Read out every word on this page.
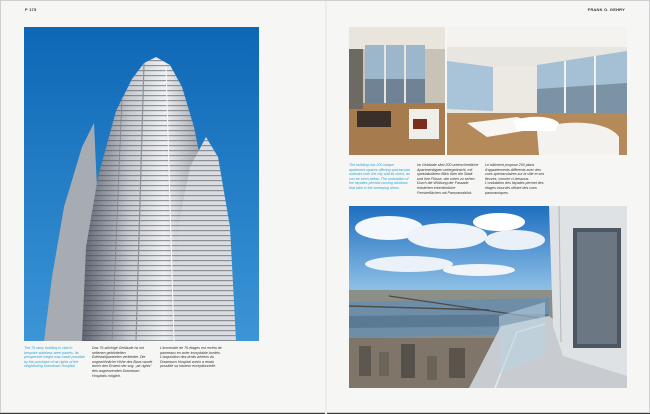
P 175	FRANK O. GEHRY
The 76 story building is clad in bespoke stainless steel panels. Its perspective height was made possible by the purchase of air rights of the neighboring Downtown Hospital.
Das 76-stöckige Gebäude ist mit seltenen gebördelten Edelstahlpaneelen verkleidet. Die ungewöhnliche Höhe des Baus wurde durch den Erwerb der sog. „air rights“ des angrenzenden Downtown Hospitals möglich.
L’immeuble de 76 étages est revêtu de panneaux en acier inoxydable bordés. L’acquisition des droits aériens du Downtown Hospital voisin a rendu possible sa hauteur exceptionnelle.
The building has 200 unique apartment spaces offering spectacular outlooks over the city and its rivers, as can be seen below. The undulation of the façades permits curving windows that take in the sweeping views.
Im Gebäude sind 200 unterschiedliche Apartmenttypen untergebracht, mit spektakulärem Blick über die Stadt und ihre Flüsse, wie unten zu sehen. Durch die Wölbung der Fassade entstehen erkerähnliche Fensterflächen mit Panoramablick.
Le bâtiment propose 200 plans d’appartements différents avec des vues spectaculaires sur la ville et ses fleuves, comme ci-dessous. L’ondulation des façades permet des étages incurvés offrant des vues panoramiques.
